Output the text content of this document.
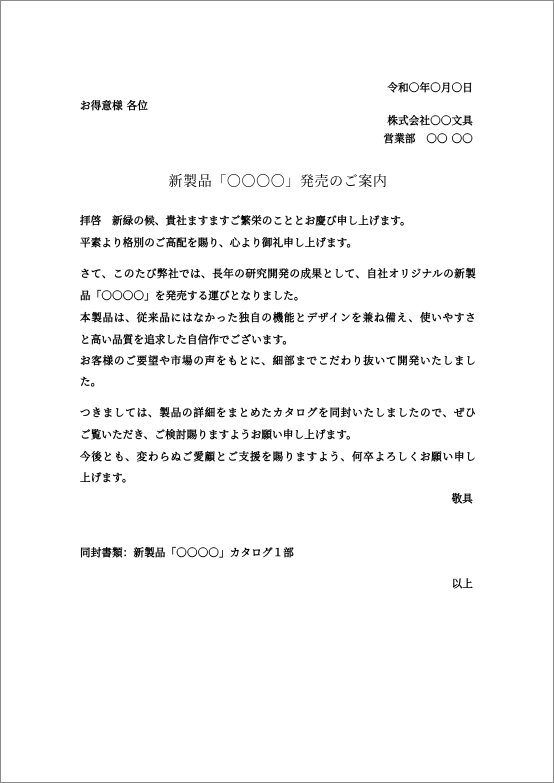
令和〇年〇月〇日
お得意様 各位
株式会社〇〇文具
営業部　〇〇 〇〇
新製品「〇〇〇〇」発売のご案内
拝啓　新緑の候、貴社ますますご繁栄のこととお慶び申し上げます。
平素より格別のご高配を賜り、心より御礼申し上げます。
さて、このたび弊社では、長年の研究開発の成果として、自社オリジナルの新製
品「〇〇〇〇」を発売する運びとなりました。
本製品は、従来品にはなかった独自の機能とデザインを兼ね備え、使いやすさ
と高い品質を追求した自信作でございます。
お客様のご要望や市場の声をもとに、細部までこだわり抜いて開発いたしまし
た。
つきましては、製品の詳細をまとめたカタログを同封いたしましたので、ぜひ
ご覧いただき、ご検討賜りますようお願い申し上げます。
今後とも、変わらぬご愛顧とご支援を賜りますよう、何卒よろしくお願い申し
上げます。
敬具
同封書類：新製品「〇〇〇〇」カタログ１部
以上
